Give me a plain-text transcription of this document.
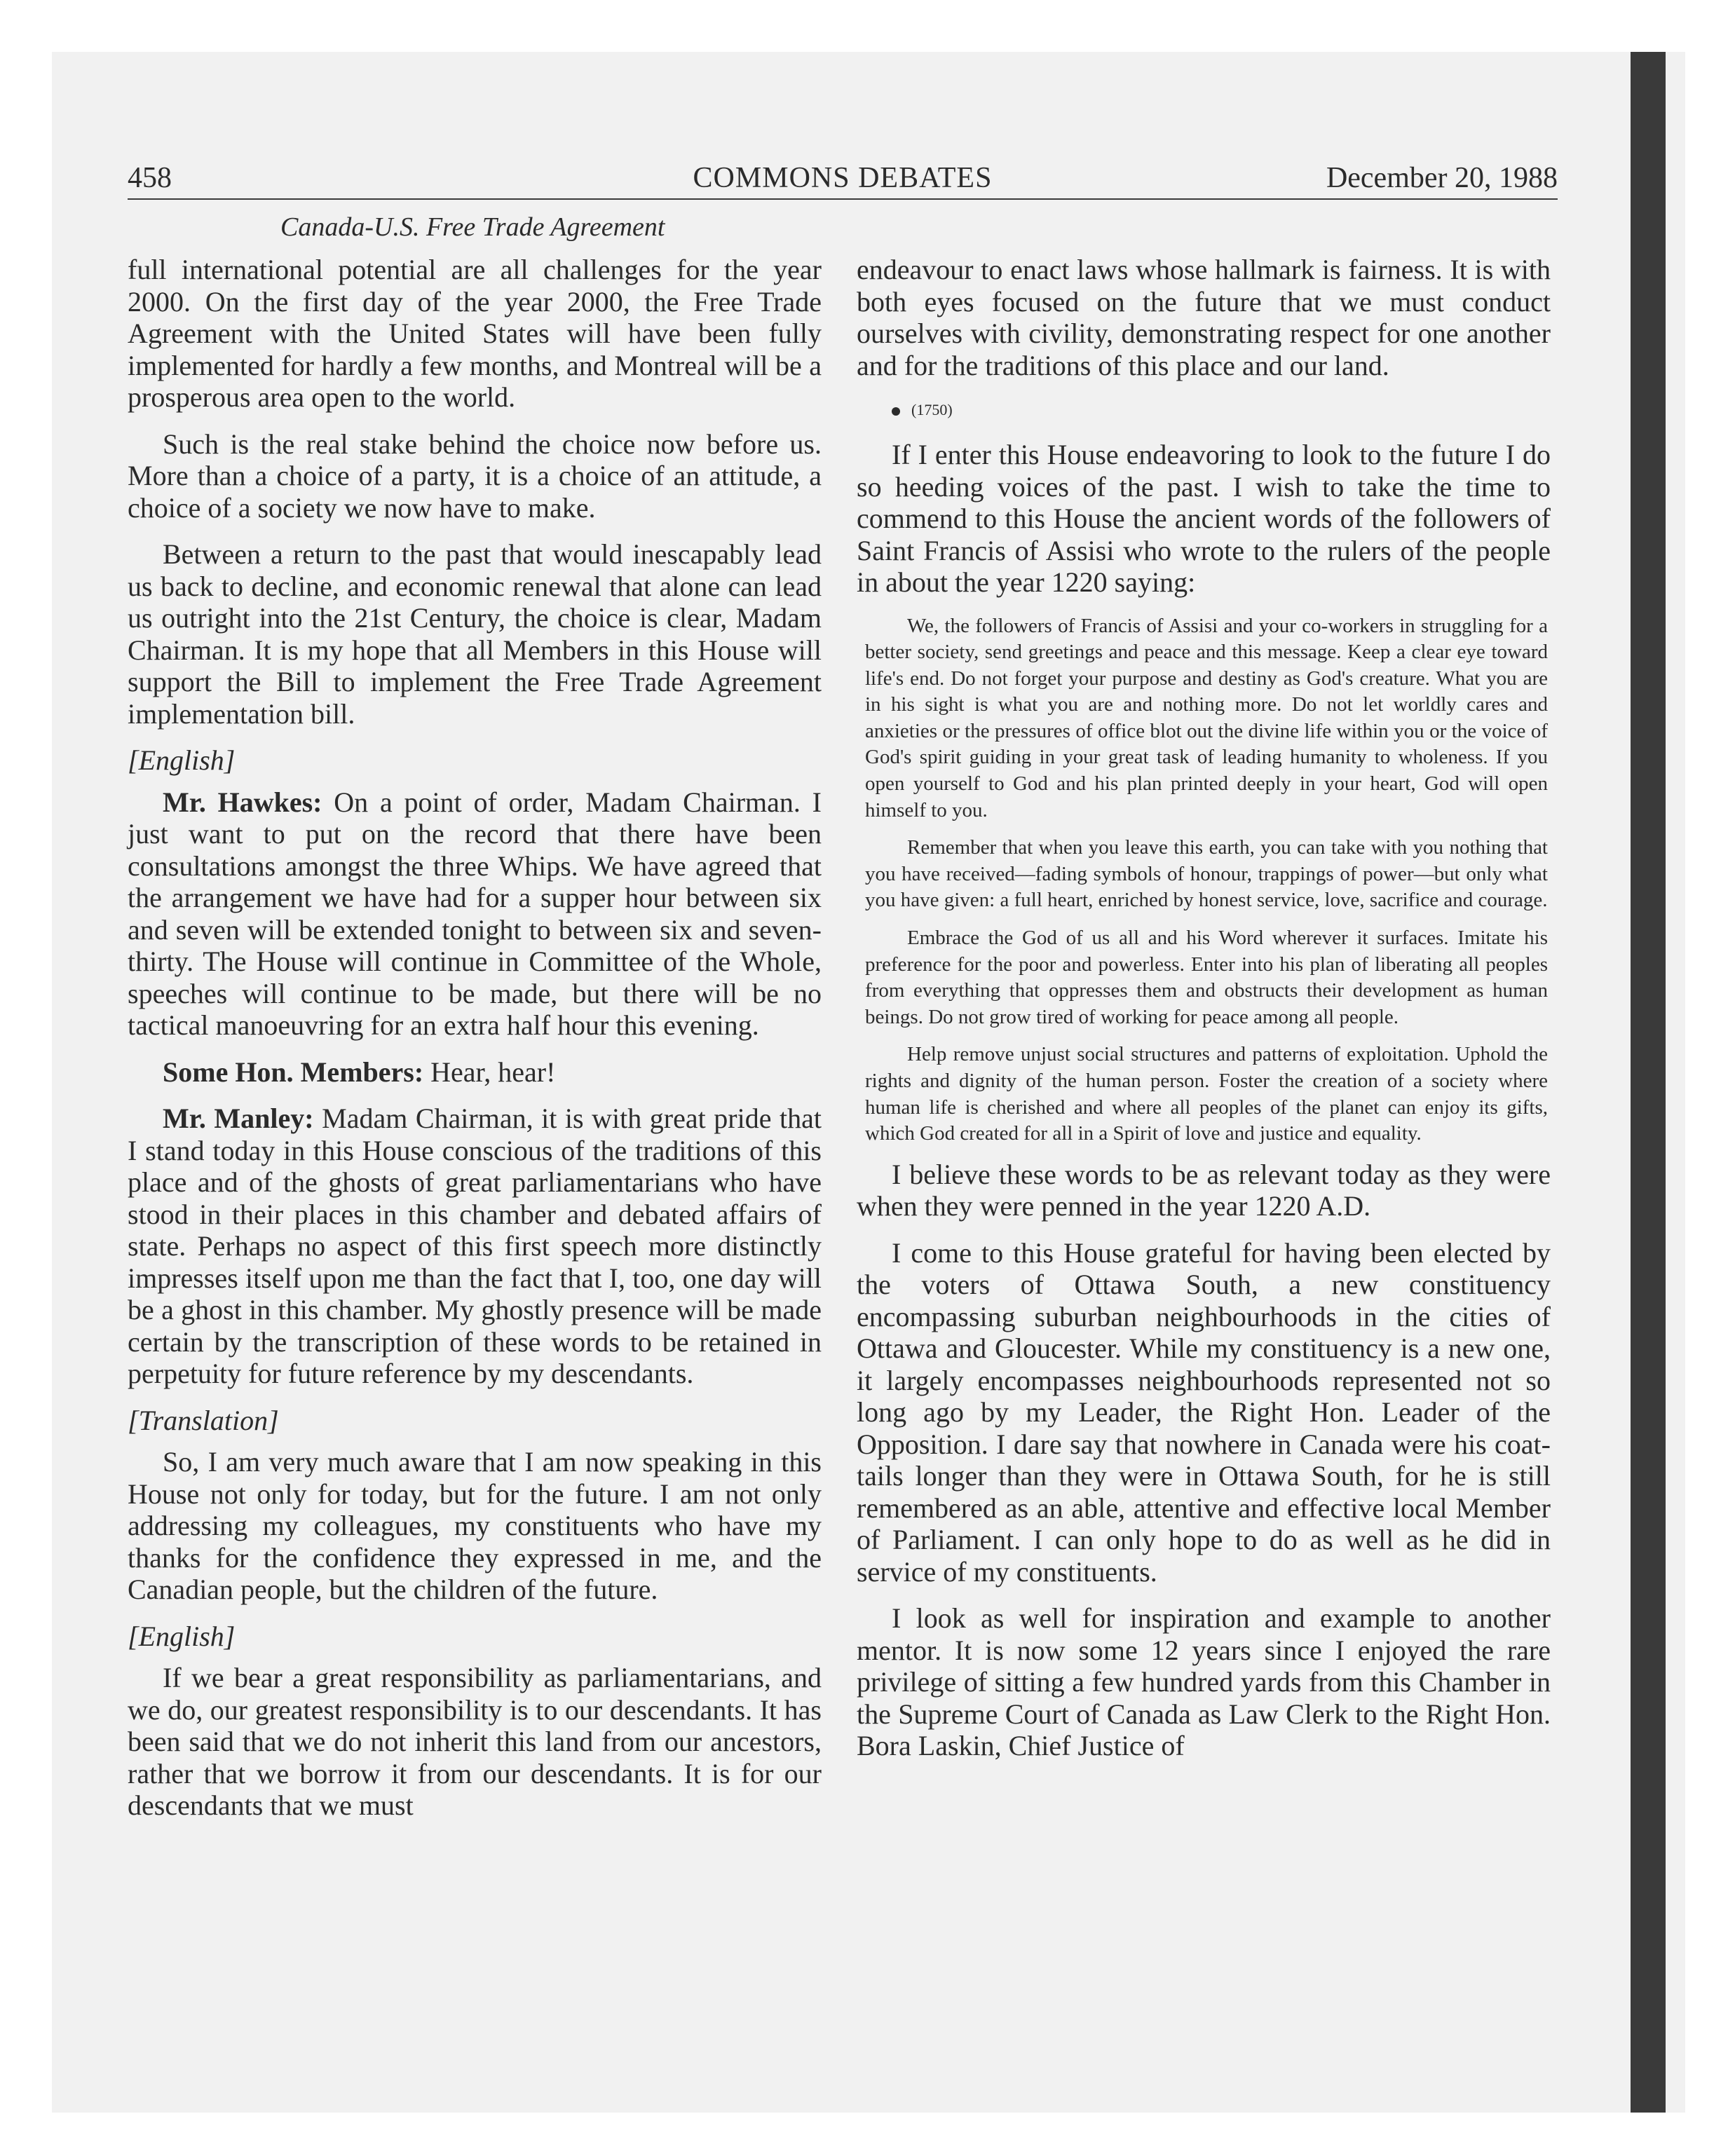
458	COMMONS DEBATES	December 20, 1988
Canada-U.S. Free Trade Agreement

full international potential are all challenges for the year 2000. On the first day of the year 2000, the Free Trade Agreement with the United States will have been fully implemented for hardly a few months, and Montreal will be a prosperous area open to the world.

Such is the real stake behind the choice now before us. More than a choice of a party, it is a choice of an attitude, a choice of a society we now have to make.

Between a return to the past that would inescapably lead us back to decline, and economic renewal that alone can lead us outright into the 21st Century, the choice is clear, Madam Chairman. It is my hope that all Members in this House will support the Bill to implement the Free Trade Agreement implementation bill.

[English]

Mr. Hawkes: On a point of order, Madam Chairman. I just want to put on the record that there have been consultations amongst the three Whips. We have agreed that the arrangement we have had for a supper hour between six and seven will be extended tonight to between six and seven-thirty. The House will continue in Committee of the Whole, speeches will continue to be made, but there will be no tactical manoeuvring for an extra half hour this evening.

Some Hon. Members: Hear, hear!

Mr. Manley: Madam Chairman, it is with great pride that I stand today in this House conscious of the traditions of this place and of the ghosts of great parliamentarians who have stood in their places in this chamber and debated affairs of state. Perhaps no aspect of this first speech more distinctly impresses itself upon me than the fact that I, too, one day will be a ghost in this chamber. My ghostly presence will be made certain by the transcription of these words to be retained in perpetuity for future reference by my descendants.

[Translation]

So, I am very much aware that I am now speaking in this House not only for today, but for the future. I am not only addressing my colleagues, my constituents who have my thanks for the confidence they expressed in me, and the Canadian people, but the children of the future.

[English]

If we bear a great responsibility as parliamentarians, and we do, our greatest responsibility is to our descendants. It has been said that we do not inherit this land from our ancestors, rather that we borrow it from our descendants. It is for our descendants that we must

endeavour to enact laws whose hallmark is fairness. It is with both eyes focused on the future that we must conduct ourselves with civility, demonstrating respect for one another and for the traditions of this place and our land.

(1750)

If I enter this House endeavoring to look to the future I do so heeding voices of the past. I wish to take the time to commend to this House the ancient words of the followers of Saint Francis of Assisi who wrote to the rulers of the people in about the year 1220 saying:

We, the followers of Francis of Assisi and your co-workers in struggling for a better society, send greetings and peace and this message. Keep a clear eye toward life's end. Do not forget your purpose and destiny as God's creature. What you are in his sight is what you are and nothing more. Do not let worldly cares and anxieties or the pressures of office blot out the divine life within you or the voice of God's spirit guiding in your great task of leading humanity to wholeness. If you open yourself to God and his plan printed deeply in your heart, God will open himself to you.

Remember that when you leave this earth, you can take with you nothing that you have received—fading symbols of honour, trappings of power—but only what you have given: a full heart, enriched by honest service, love, sacrifice and courage.

Embrace the God of us all and his Word wherever it surfaces. Imitate his preference for the poor and powerless. Enter into his plan of liberating all peoples from everything that oppresses them and obstructs their development as human beings. Do not grow tired of working for peace among all people.

Help remove unjust social structures and patterns of exploitation. Uphold the rights and dignity of the human person. Foster the creation of a society where human life is cherished and where all peoples of the planet can enjoy its gifts, which God created for all in a Spirit of love and justice and equality.

I believe these words to be as relevant today as they were when they were penned in the year 1220 A.D.

I come to this House grateful for having been elected by the voters of Ottawa South, a new constituency encompassing suburban neighbourhoods in the cities of Ottawa and Gloucester. While my constituency is a new one, it largely encompasses neighbourhoods represented not so long ago by my Leader, the Right Hon. Leader of the Opposition. I dare say that nowhere in Canada were his coat-tails longer than they were in Ottawa South, for he is still remembered as an able, attentive and effective local Member of Parliament. I can only hope to do as well as he did in service of my constituents.

I look as well for inspiration and example to another mentor. It is now some 12 years since I enjoyed the rare privilege of sitting a few hundred yards from this Chamber in the Supreme Court of Canada as Law Clerk to the Right Hon. Bora Laskin, Chief Justice of
